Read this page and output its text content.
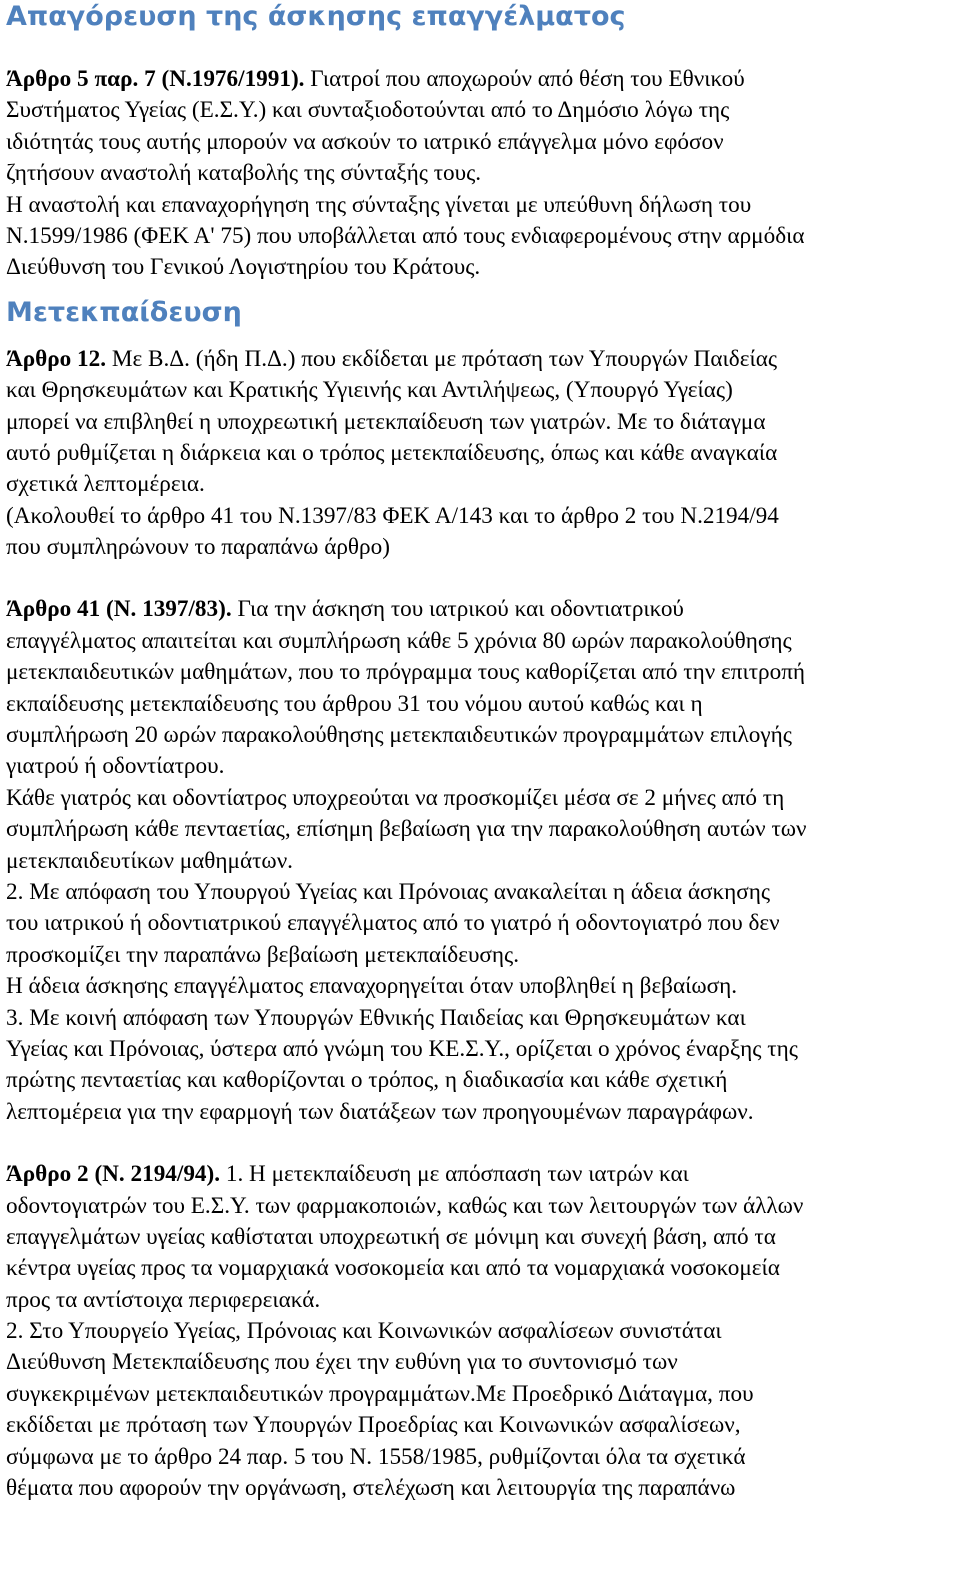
Απαγόρευση της άσκησης επαγγέλματος
Άρθρο 5 παρ. 7 (Ν.1976/1991). Γιατροί που αποχωρούν από θέση του Εθνικού
Συστήματος Υγείας (Ε.Σ.Υ.) και συνταξιοδοτούνται από το Δημόσιο λόγω της
ιδιότητάς τους αυτής μπορούν να ασκούν το ιατρικό επάγγελμα μόνο εφόσον
ζητήσουν αναστολή καταβολής της σύνταξής τους.
Η αναστολή και επαναχορήγηση της σύνταξης γίνεται με υπεύθυνη δήλωση του
Ν.1599/1986 (ΦΕΚ Α' 75) που υποβάλλεται από τους ενδιαφερομένους στην αρμόδια
Διεύθυνση του Γενικού Λογιστηρίου του Κράτους.
Μετεκπαίδευση
Άρθρο 12. Με Β.Δ. (ήδη Π.Δ.) που εκδίδεται με πρόταση των Υπουργών Παιδείας
και Θρησκευμάτων και Κρατικής Υγιεινής και Αντιλήψεως, (Υπουργό Υγείας)
μπορεί να επιβληθεί η υποχρεωτική μετεκπαίδευση των γιατρών. Με το διάταγμα
αυτό ρυθμίζεται η διάρκεια και ο τρόπος μετεκπαίδευσης, όπως και κάθε αναγκαία
σχετικά λεπτομέρεια.
(Ακολουθεί το άρθρο 41 του Ν.1397/83 ΦΕΚ Α/143 και το άρθρο 2 του Ν.2194/94
που συμπληρώνουν το παραπάνω άρθρο)
Άρθρο 41 (Ν. 1397/83). Για την άσκηση του ιατρικού και οδοντιατρικού
επαγγέλματος απαιτείται και συμπλήρωση κάθε 5 χρόνια 80 ωρών παρακολούθησης
μετεκπαιδευτικών μαθημάτων, που το πρόγραμμα τους καθορίζεται από την επιτροπή
εκπαίδευσης μετεκπαίδευσης του άρθρου 31 του νόμου αυτού καθώς και η
συμπλήρωση 20 ωρών παρακολούθησης μετεκπαιδευτικών προγραμμάτων επιλογής
γιατρού ή οδοντίατρου.
Κάθε γιατρός και οδοντίατρος υποχρεούται να προσκομίζει μέσα σε 2 μήνες από τη
συμπλήρωση κάθε πενταετίας, επίσημη βεβαίωση για την παρακολούθηση αυτών των
μετεκπαιδευτίκων μαθημάτων.
2. Με απόφαση του Υπουργού Υγείας και Πρόνοιας ανακαλείται η άδεια άσκησης
του ιατρικού ή οδοντιατρικού επαγγέλματος από το γιατρό ή οδοντογιατρό που δεν
προσκομίζει την παραπάνω βεβαίωση μετεκπαίδευσης.
Η άδεια άσκησης επαγγέλματος επαναχορηγείται όταν υποβληθεί η βεβαίωση.
3. Με κοινή απόφαση των Υπουργών Εθνικής Παιδείας και Θρησκευμάτων και
Υγείας και Πρόνοιας, ύστερα από γνώμη του ΚΕ.Σ.Υ., ορίζεται ο χρόνος έναρξης της
πρώτης πενταετίας και καθορίζονται ο τρόπος, η διαδικασία και κάθε σχετική
λεπτομέρεια για την εφαρμογή των διατάξεων των προηγουμένων παραγράφων.
Άρθρο 2 (Ν. 2194/94). 1. Η μετεκπαίδευση με απόσπαση των ιατρών και
οδοντογιατρών του Ε.Σ.Υ. των φαρμακοποιών, καθώς και των λειτουργών των άλλων
επαγγελμάτων υγείας καθίσταται υποχρεωτική σε μόνιμη και συνεχή βάση, από τα
κέντρα υγείας προς τα νομαρχιακά νοσοκομεία και από τα νομαρχιακά νοσοκομεία
προς τα αντίστοιχα περιφερειακά.
2. Στο Υπουργείο Υγείας, Πρόνοιας και Κοινωνικών ασφαλίσεων συνιστάται
Διεύθυνση Μετεκπαίδευσης που έχει την ευθύνη για το συντονισμό των
συγκεκριμένων μετεκπαιδευτικών προγραμμάτων.Με Προεδρικό Διάταγμα, που
εκδίδεται με πρόταση των Υπουργών Προεδρίας και Κοινωνικών ασφαλίσεων,
σύμφωνα με το άρθρο 24 παρ. 5 του Ν. 1558/1985, ρυθμίζονται όλα τα σχετικά
θέματα που αφορούν την οργάνωση, στελέχωση και λειτουργία της παραπάνω
